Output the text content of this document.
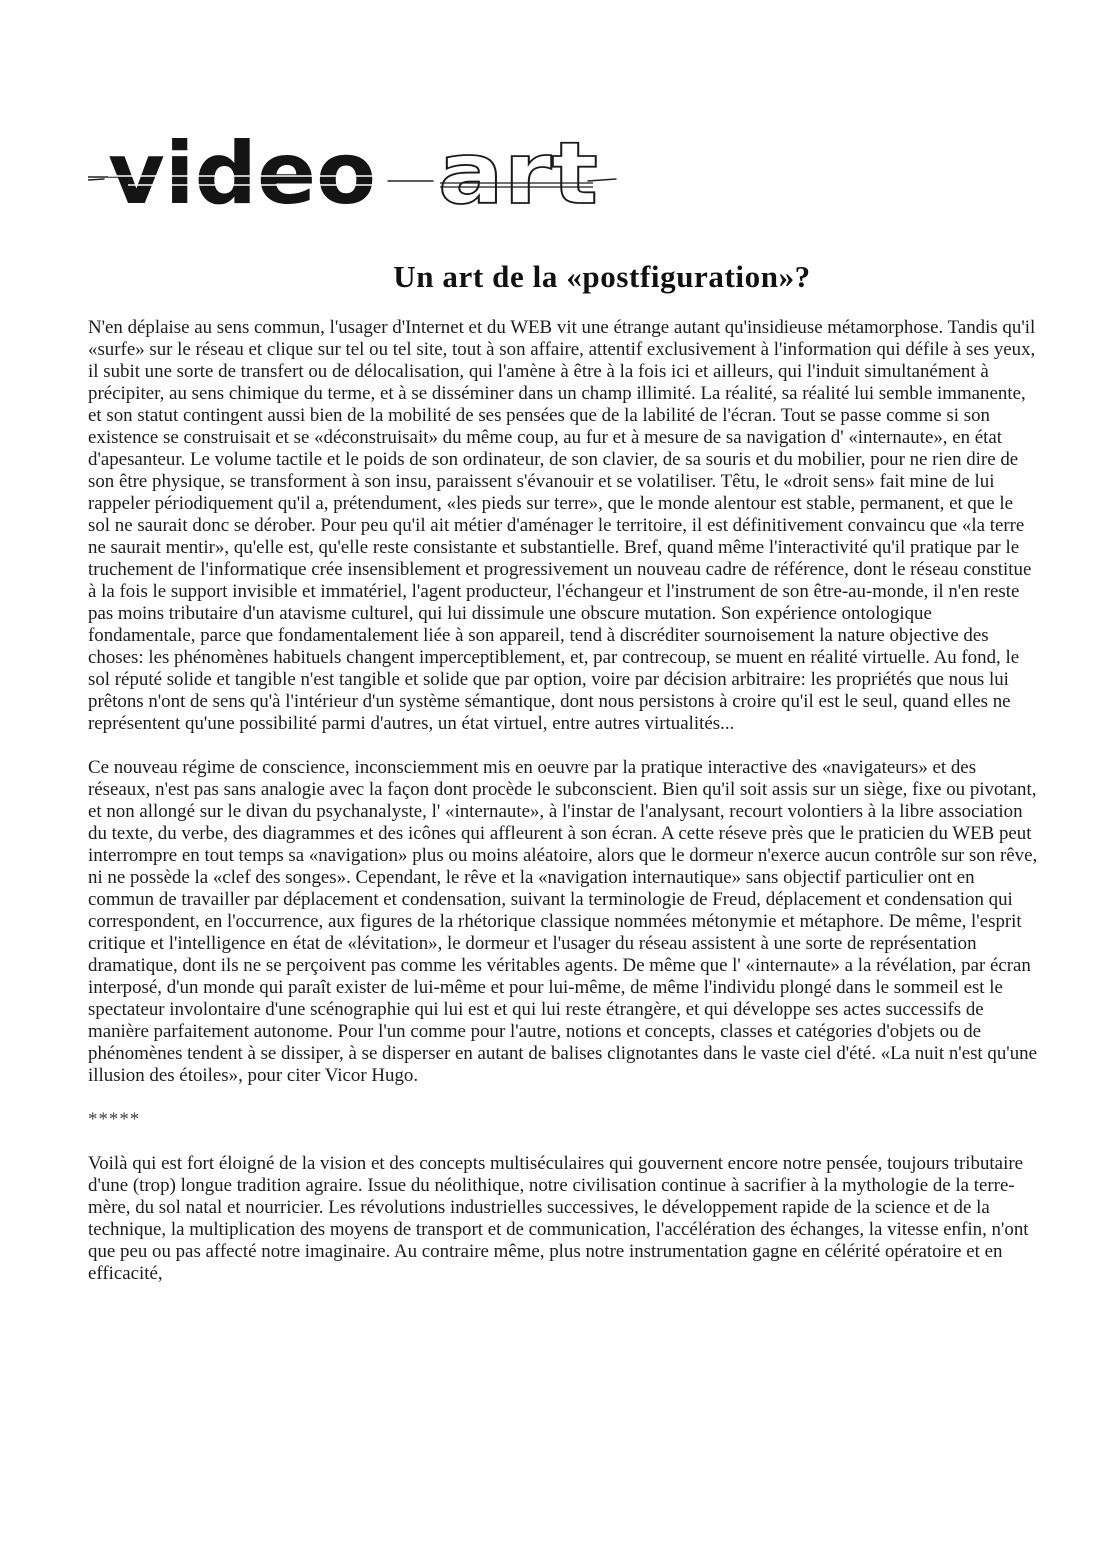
video art
Un art de la «postfiguration»?

N'en déplaise au sens commun, l'usager d'Internet et du WEB vit une étrange autant qu'insidieuse métamorphose. Tandis qu'il «surfe» sur le réseau et clique sur tel ou tel site, tout à son affaire, attentif exclusivement à l'information qui défile à ses yeux, il subit une sorte de transfert ou de délocalisation, qui l'amène à être à la fois ici et ailleurs, qui l'induit simultanément à précipiter, au sens chimique du terme, et à se disséminer dans un champ illimité. La réalité, sa réalité lui semble immanente, et son statut contingent aussi bien de la mobilité de ses pensées que de la labilité de l'écran. Tout se passe comme si son existence se construisait et se «déconstruisait» du même coup, au fur et à mesure de sa navigation d' «internaute», en état d'apesanteur. Le volume tactile et le poids de son ordinateur, de son clavier, de sa souris et du mobilier, pour ne rien dire de son être physique, se transforment à son insu, paraissent s'évanouir et se volatiliser. Têtu, le «droit sens» fait mine de lui rappeler périodiquement qu'il a, prétendument, «les pieds sur terre», que le monde alentour est stable, permanent, et que le sol ne saurait donc se dérober. Pour peu qu'il ait métier d'aménager le territoire, il est définitivement convaincu que «la terre ne saurait mentir», qu'elle est, qu'elle reste consistante et substantielle. Bref, quand même l'interactivité qu'il pratique par le truchement de l'informatique crée insensiblement et progressivement un nouveau cadre de référence, dont le réseau constitue à la fois le support invisible et immatériel, l'agent producteur, l'échangeur et l'instrument de son être-au-monde, il n'en reste pas moins tributaire d'un atavisme culturel, qui lui dissimule une obscure mutation. Son expérience ontologique fondamentale, parce que fondamentalement liée à son appareil, tend à discréditer sournoisement la nature objective des choses: les phénomènes habituels changent imperceptiblement, et, par contrecoup, se muent en réalité virtuelle. Au fond, le sol réputé solide et tangible n'est tangible et solide que par option, voire par décision arbitraire: les propriétés que nous lui prêtons n'ont de sens qu'à l'intérieur d'un système sémantique, dont nous persistons à croire qu'il est le seul, quand elles ne représentent qu'une possibilité parmi d'autres, un état virtuel, entre autres virtualités...

Ce nouveau régime de conscience, inconsciemment mis en oeuvre par la pratique interactive des «navigateurs» et des réseaux, n'est pas sans analogie avec la façon dont procède le subconscient. Bien qu'il soit assis sur un siège, fixe ou pivotant, et non allongé sur le divan du psychanalyste, l' «internaute», à l'instar de l'analysant, recourt volontiers à la libre association du texte, du verbe, des diagrammes et des icônes qui affleurent à son écran. A cette réseve près que le praticien du WEB peut interrompre en tout temps sa «navigation» plus ou moins aléatoire, alors que le dormeur n'exerce aucun contrôle sur son rêve, ni ne possède la «clef des songes». Cependant, le rêve et la «navigation internautique» sans objectif particulier ont en commun de travailler par déplacement et condensation, suivant la terminologie de Freud, déplacement et condensation qui correspondent, en l'occurrence, aux figures de la rhétorique classique nommées métonymie et métaphore. De même, l'esprit critique et l'intelligence en état de «lévitation», le dormeur et l'usager du réseau assistent à une sorte de représentation dramatique, dont ils ne se perçoivent pas comme les véritables agents. De même que l' «internaute» a la révélation, par écran interposé, d'un monde qui paraît exister de lui-même et pour lui-même, de même l'individu plongé dans le sommeil est le spectateur involontaire d'une scénographie qui lui est et qui lui reste étrangère, et qui développe ses actes successifs de manière parfaitement autonome. Pour l'un comme pour l'autre, notions et concepts, classes et catégories d'objets ou de phénomènes tendent à se dissiper, à se disperser en autant de balises clignotantes dans le vaste ciel d'été. «La nuit n'est qu'une illusion des étoiles», pour citer Vicor Hugo.

*****

Voilà qui est fort éloigné de la vision et des concepts multiséculaires qui gouvernent encore notre pensée, toujours tributaire d'une (trop) longue tradition agraire. Issue du néolithique, notre civilisation continue à sacrifier à la mythologie de la terre-mère, du sol natal et nourricier. Les révolutions industrielles successives, le développement rapide de la science et de la technique, la multiplication des moyens de transport et de communication, l'accélération des échanges, la vitesse enfin, n'ont que peu ou pas affecté notre imaginaire. Au contraire même, plus notre instrumentation gagne en célérité opératoire et en efficacité,
